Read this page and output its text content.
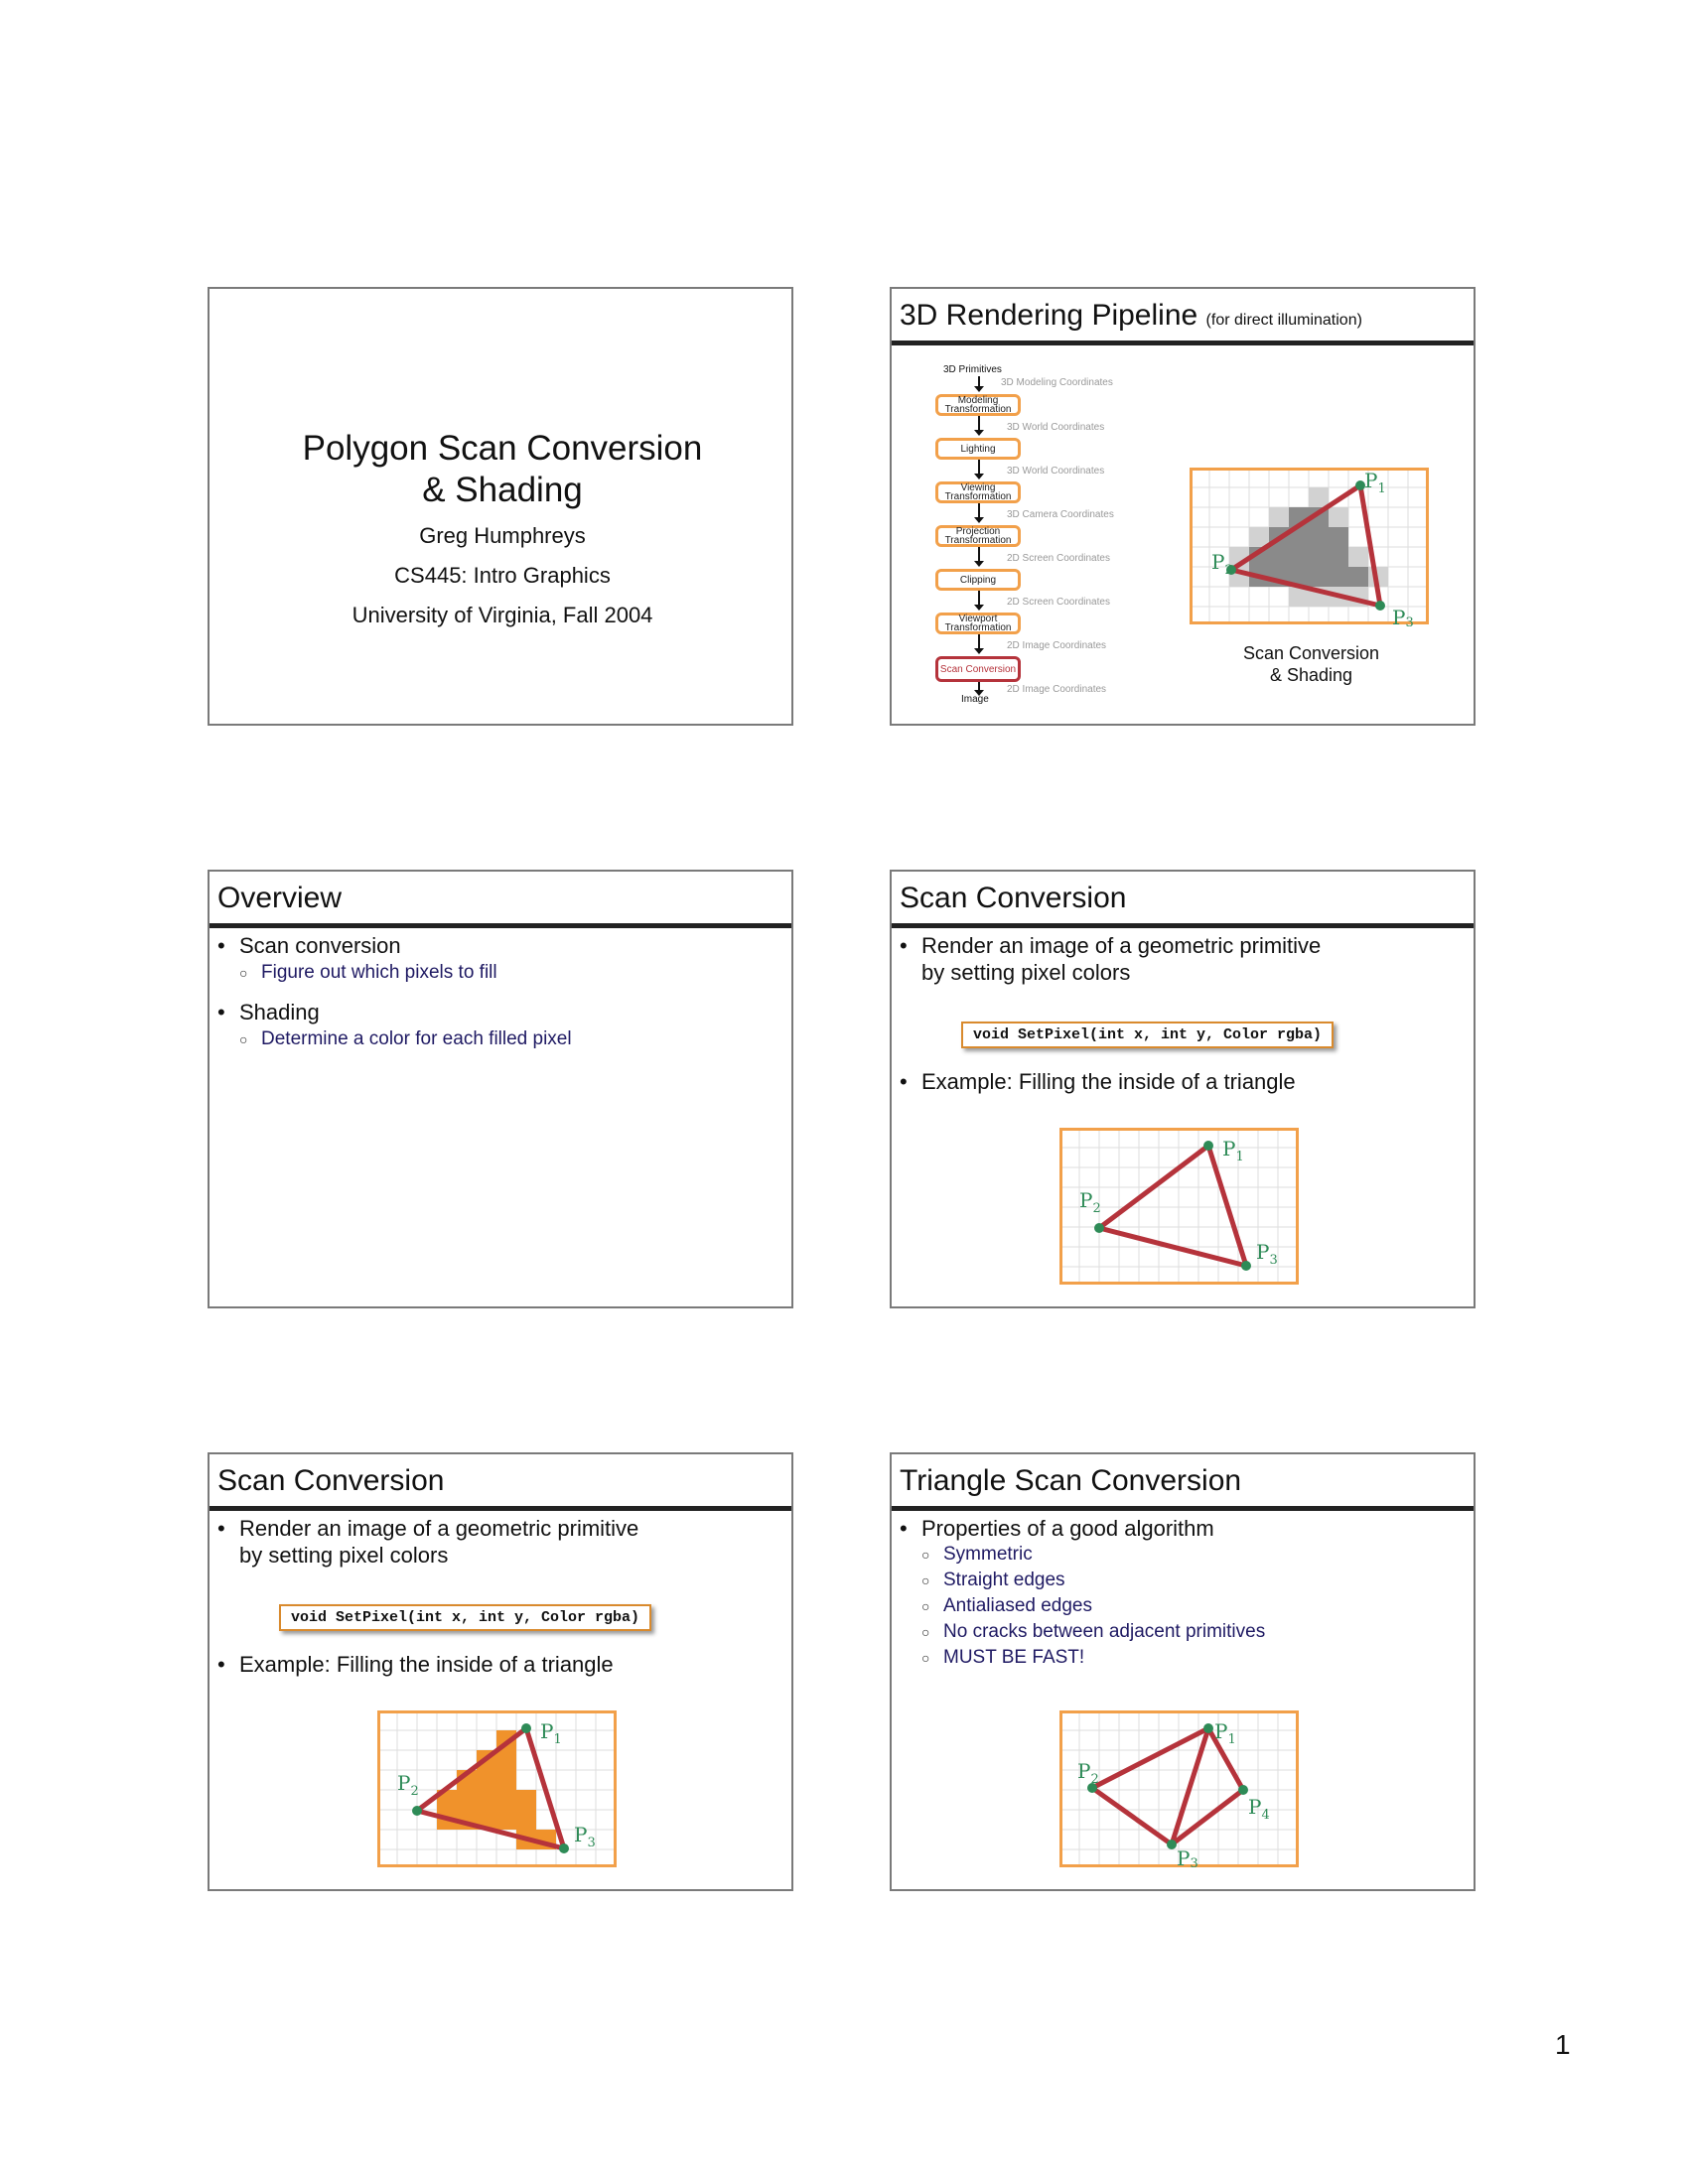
Polygon Scan Conversion
& Shading
Greg Humphreys
CS445: Intro Graphics
University of Virginia, Fall 2004
3D Rendering Pipeline (for direct illumination)
3D Primitives
3D Modeling Coordinates
Modeling Transformation
3D World Coordinates
Lighting
3D World Coordinates
Viewing Transformation
3D Camera Coordinates
Projection Transformation
2D Screen Coordinates
Clipping
2D Screen Coordinates
Viewport Transformation
2D Image Coordinates
Scan Conversion
2D Image Coordinates
Image
$P_1$
$P_2$
P3
Scan Conversion
& Shading
Overview
• Scan conversion
○ Figure out which pixels to fill
• Shading
○ Determine a color for each filled pixel
Scan Conversion
• Render an image of a geometric primitive
by setting pixel colors
void SetPixel(int x, int y, Color rgba)
• Example: Filling the inside of a triangle
$P_1$
$P_2$
$P_3$
Scan Conversion
• Render an image of a geometric primitive
by setting pixel colors
void SetPixel(int x, int y, Color rgba)
• Example: Filling the inside of a triangle
$P_1$
$P_2$
$P_3$
Triangle Scan Conversion
• Properties of a good algorithm
○ Symmetric
○ Straight edges
○ Antialiased edges
○ No cracks between adjacent primitives
○ MUST BE FAST!
$P_1$
$P_2$
P3
$P_4$
1
